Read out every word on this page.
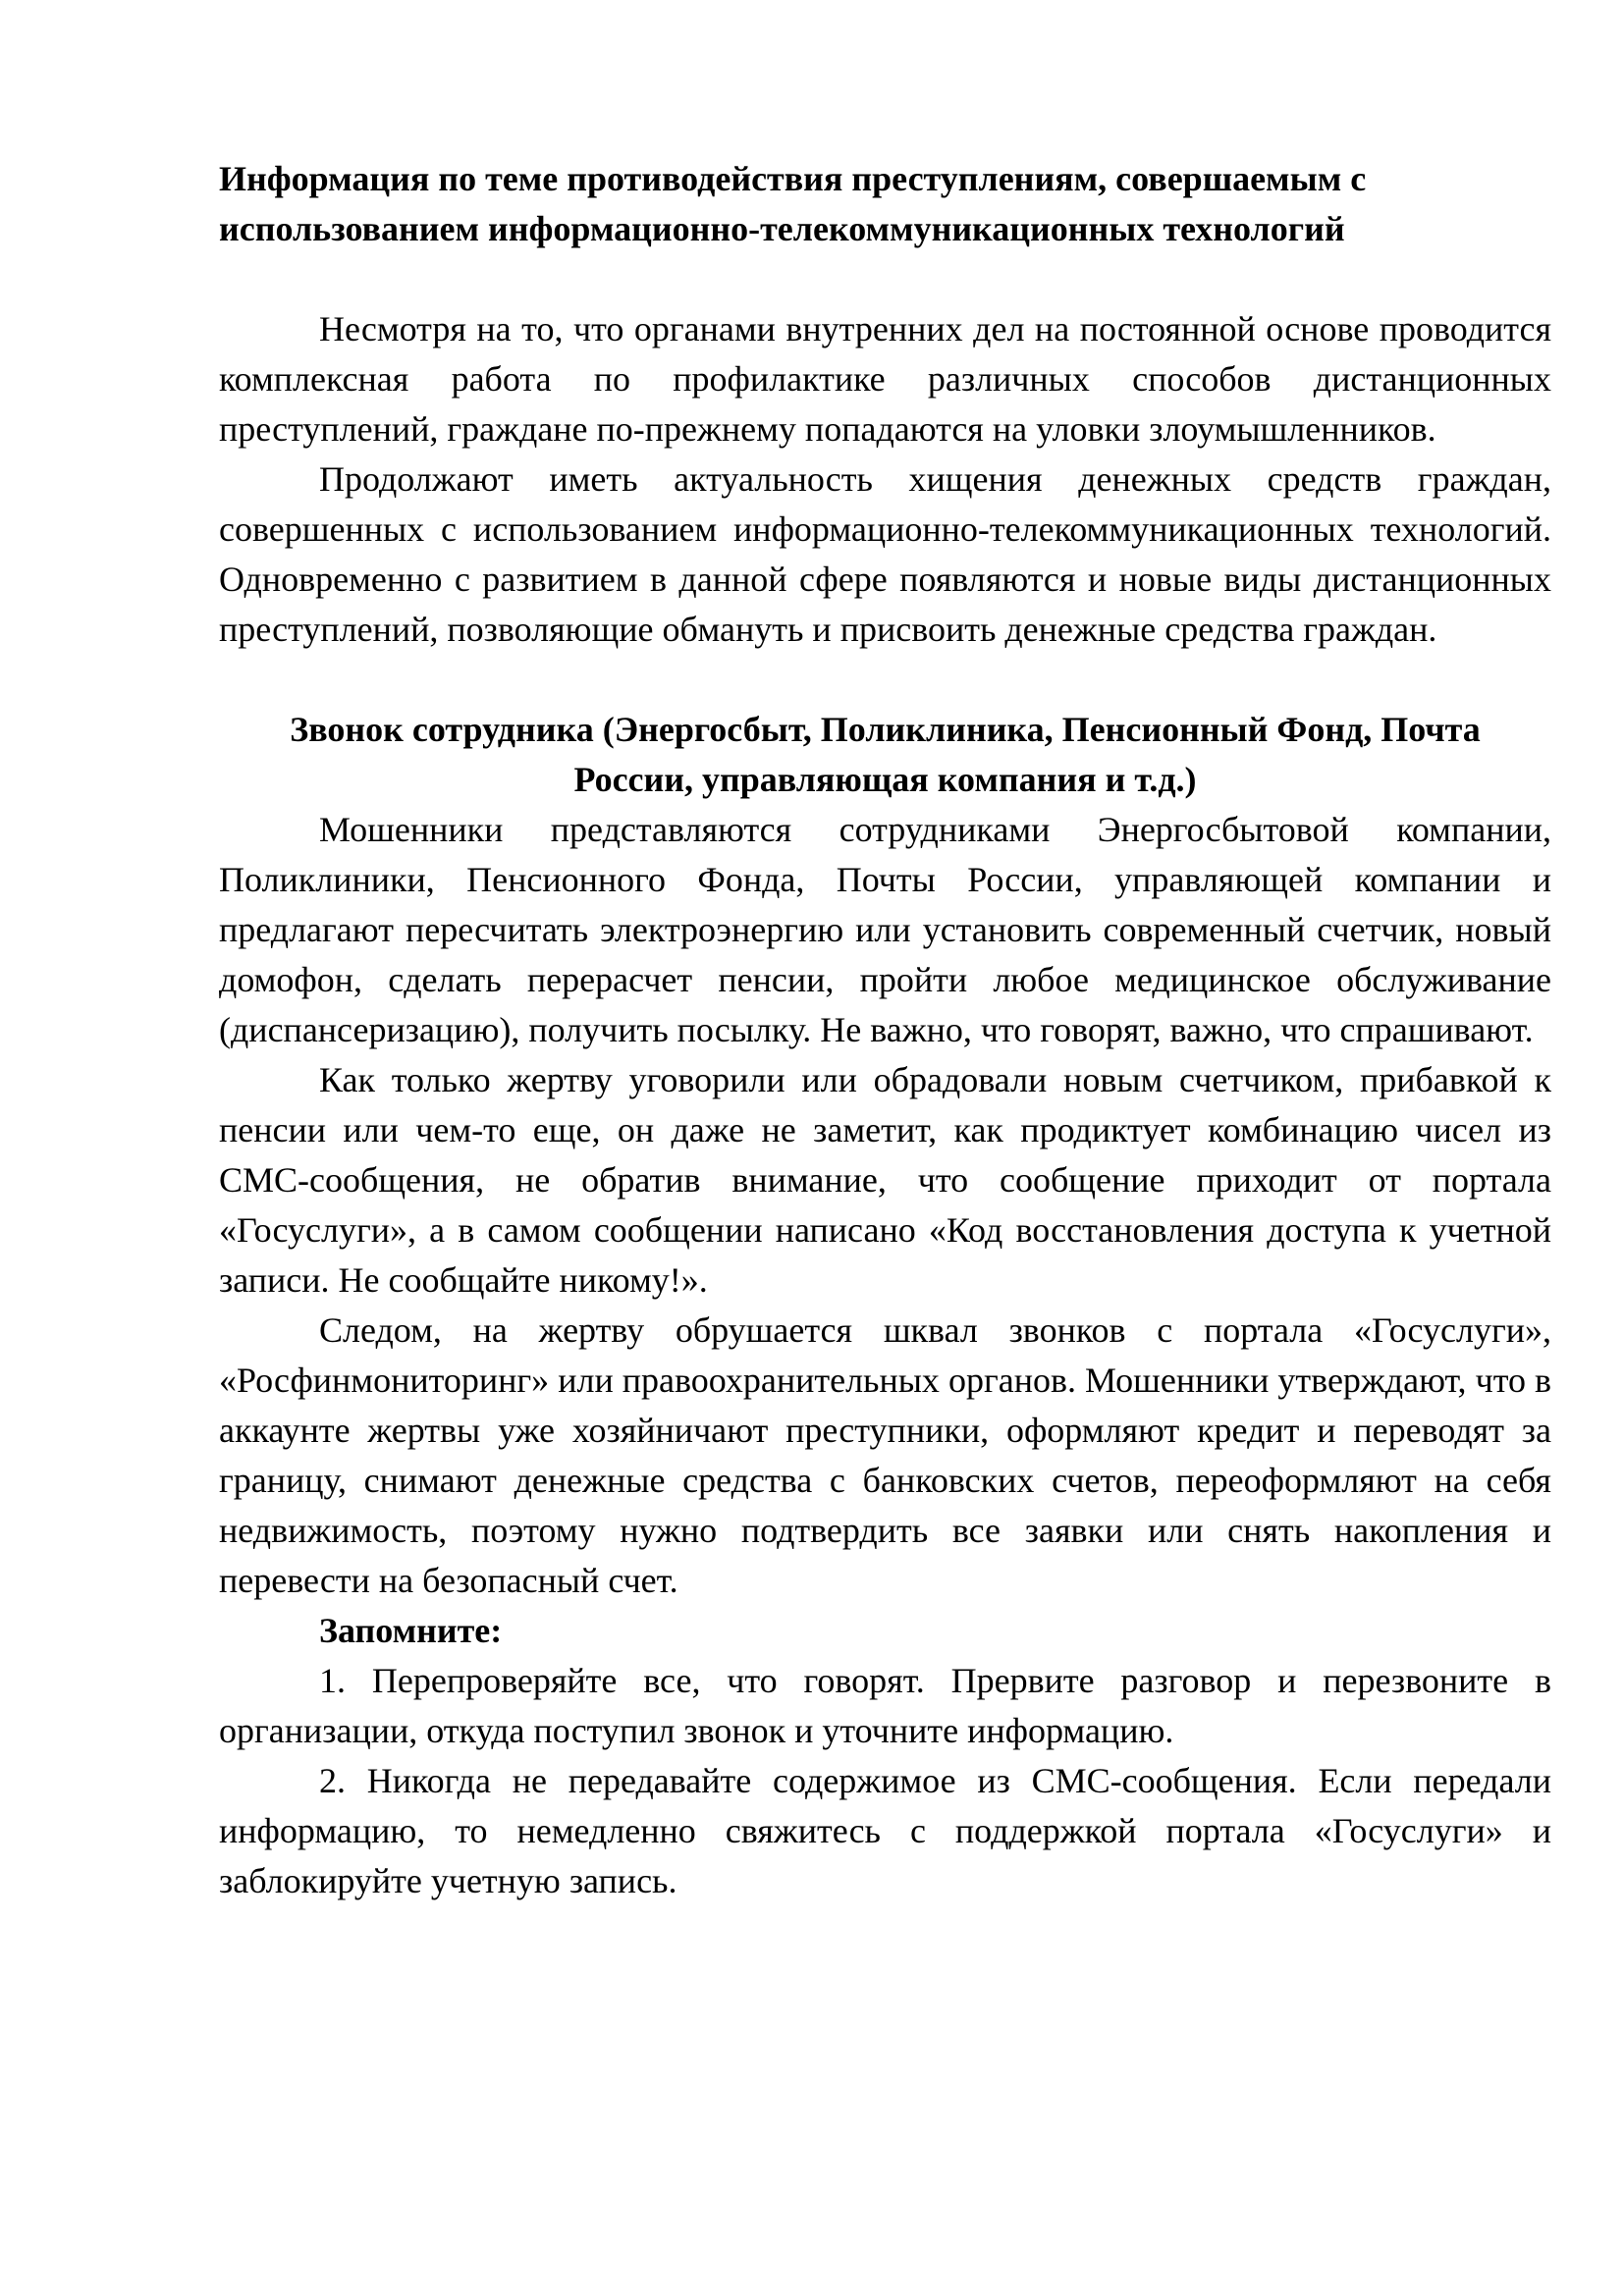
Информация по теме противодействия преступлениям, совершаемым с
использованием информационно-телекоммуникационных технологий

Несмотря на то, что органами внутренних дел на постоянной основе проводится комплексная работа по профилактике различных способов дистанционных преступлений, граждане по-прежнему попадаются на уловки злоумышленников.

Продолжают иметь актуальность хищения денежных средств граждан, совершенных с использованием информационно-телекоммуникационных технологий. Одновременно с развитием в данной сфере появляются и новые виды дистанционных преступлений, позволяющие обмануть и присвоить денежные средства граждан.

Звонок сотрудника (Энергосбыт, Поликлиника, Пенсионный Фонд, Почта
России, управляющая компания и т.д.)

Мошенники представляются сотрудниками Энергосбытовой компании, Поликлиники, Пенсионного Фонда, Почты России, управляющей компании и предлагают пересчитать электроэнергию или установить современный счетчик, новый домофон, сделать перерасчет пенсии, пройти любое медицинское обслуживание (диспансеризацию), получить посылку. Не важно, что говорят, важно, что спрашивают.

Как только жертву уговорили или обрадовали новым счетчиком, прибавкой к пенсии или чем-то еще, он даже не заметит, как продиктует комбинацию чисел из СМС-сообщения, не обратив внимание, что сообщение приходит от портала «Госуслуги», а в самом сообщении написано «Код восстановления доступа к учетной записи. Не сообщайте никому!».

Следом, на жертву обрушается шквал звонков с портала «Госуслуги», «Росфинмониторинг» или правоохранительных органов. Мошенники утверждают, что в аккаунте жертвы уже хозяйничают преступники, оформляют кредит и переводят за границу, снимают денежные средства с банковских счетов, переоформляют на себя недвижимость, поэтому нужно подтвердить все заявки или снять накопления и перевести на безопасный счет.

Запомните:

1. Перепроверяйте все, что говорят. Прервите разговор и перезвоните в организации, откуда поступил звонок и уточните информацию.

2. Никогда не передавайте содержимое из СМС-сообщения. Если передали информацию, то немедленно свяжитесь с поддержкой портала «Госуслуги» и заблокируйте учетную запись.
